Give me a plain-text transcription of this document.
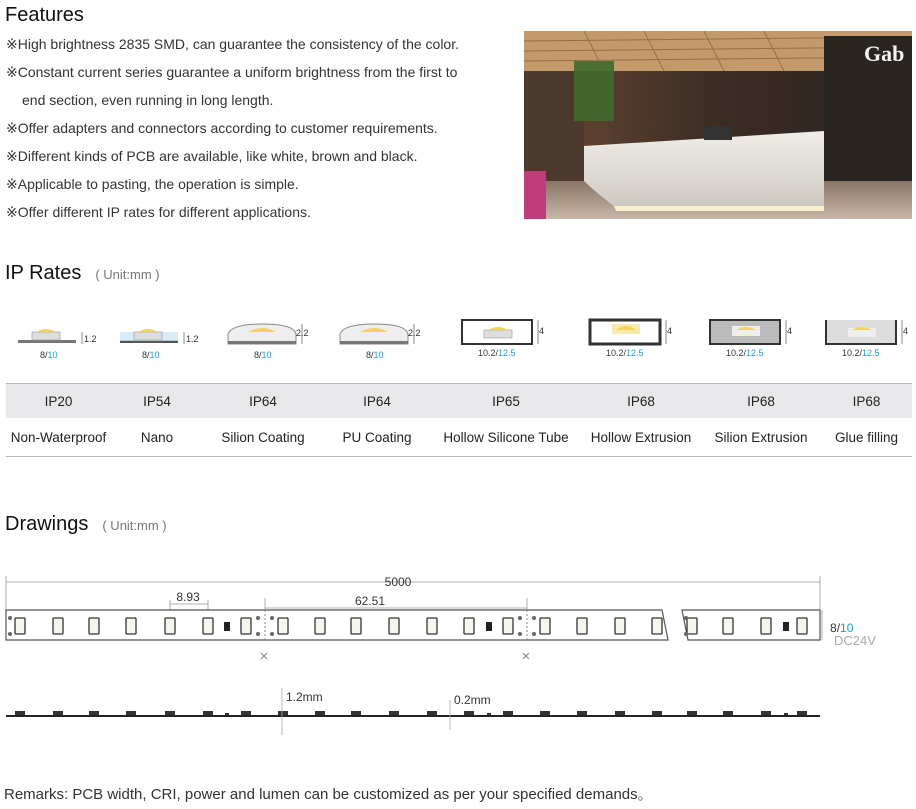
Features
※High brightness 2835 SMD, can guarantee the consistency of the color.
※Constant current series guarantee a uniform brightness from the first to
end section, even running in long length.
※Offer adapters and connectors according to customer requirements.
※Different kinds of PCB are available, like white, brown and black.
※Applicable to pasting, the operation is simple.
※Offer different IP rates for different applications.
Gab
IP Rates ( Unit:mm )
1.2
8/10
1.2
8/10
2.2
8/10
2.2
8/10
4
10.2/12.5
4
10.2/12.5
4
10.2/12.5
4
10.2/12.5
IP20	IP54	IP64	IP64	IP65	IP68	IP68	IP68
Non-Waterproof	Nano	Silion Coating	PU Coating	Hollow Silicone Tube	Hollow Extrusion	Silion Extrusion	Glue filling
Drawings ( Unit:mm )
5000
8.93	62.51
✕	✕
8/10
DC24V
1.2mm	0.2mm
Remarks: PCB width, CRI, power and lumen can be customized as per your specified demands。
